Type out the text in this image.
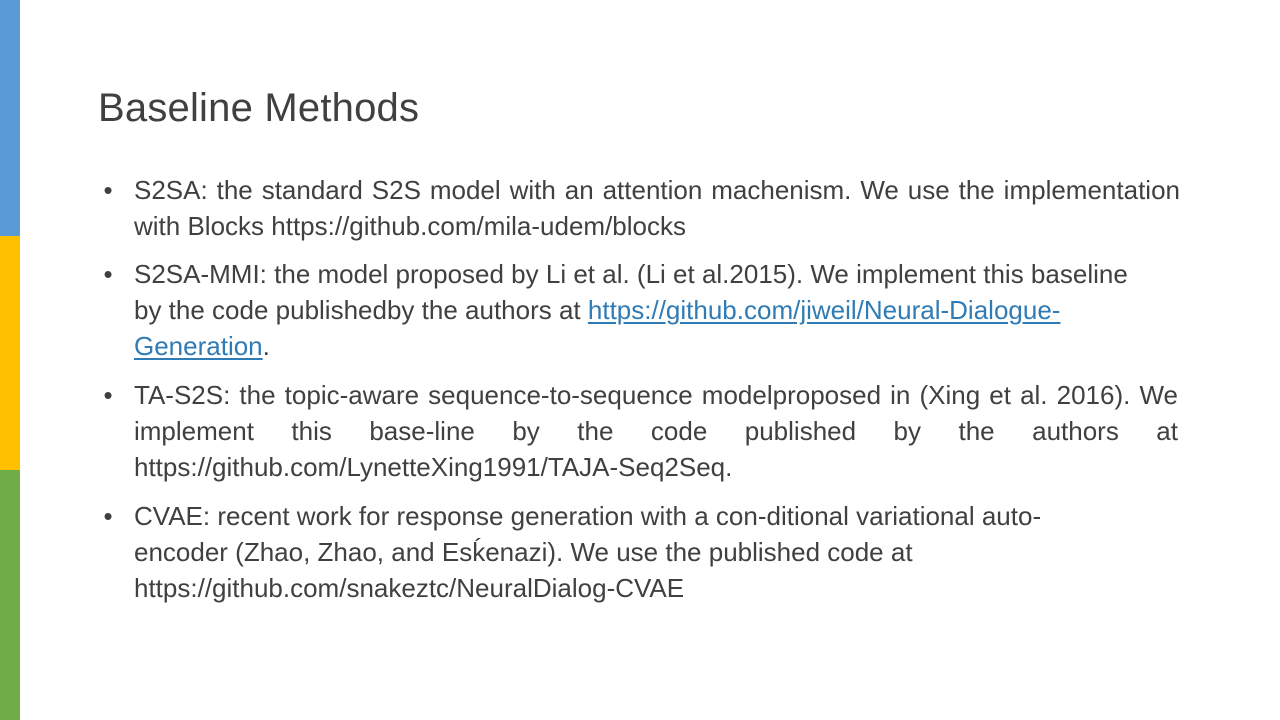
Baseline Methods
• S2SA: the standard S2S model with an attention machenism. We use the implementation with Blocks https://github.com/mila-udem/blocks
• S2SA-MMI: the model proposed by Li et al. (Li et al.2015). We implement this baseline by the code publishedby the authors at https://github.com/jiweil/Neural-Dialogue-Generation.
• TA-S2S: the topic-aware sequence-to-sequence modelproposed in (Xing et al. 2016). We implement this base-line by the code published by the authors at https://github.com/LynetteXing1991/TAJA-Seq2Seq.
• CVAE: recent work for response generation with a con-ditional variational auto-encoder (Zhao, Zhao, and Esḱenazi). We use the published code at https://github.com/snakeztc/NeuralDialog-CVAE
